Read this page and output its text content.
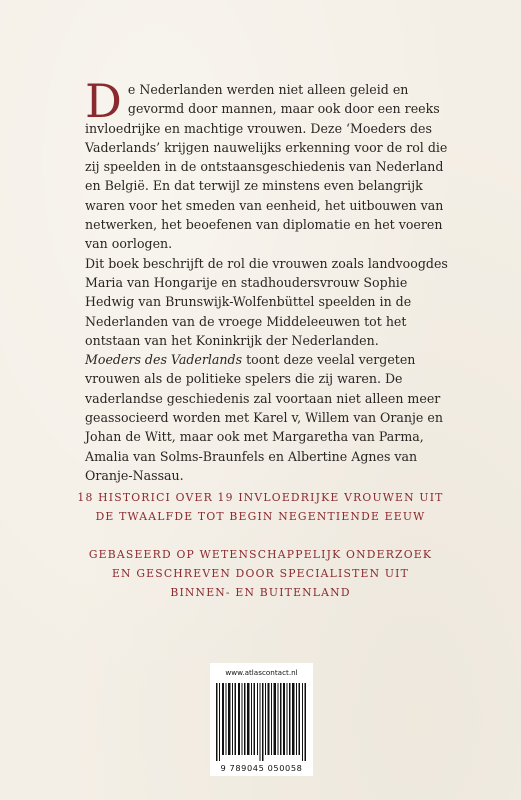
De Nederlanden werden niet alleen geleid en gevormd door mannen, maar ook door een reeks invloedrijke en machtige vrouwen. Deze ‘Moeders des Vaderlands’ krijgen nauwelijks erkenning voor de rol die zij speelden in de ontstaansgeschiedenis van Nederland en België. En dat terwijl ze minstens even belangrijk waren voor het smeden van eenheid, het uitbouwen van netwerken, het beoefenen van diplomatie en het voeren van oorlogen.

Dit boek beschrijft de rol die vrouwen zoals landvoogdes Maria van Hongarije en stadhoudersvrouw Sophie Hedwig van Brunswijk-Wolfenbüttel speelden in de Nederlanden van de vroege Middeleeuwen tot het ontstaan van het Koninkrijk der Nederlanden.

Moeders des Vaderlands toont deze veelal vergeten vrouwen als de politieke spelers die zij waren. De vaderlandse geschiedenis zal voortaan niet alleen meer geassocieerd worden met Karel v, Willem van Oranje en Johan de Witt, maar ook met Margaretha van Parma, Amalia van Solms-Braunfels en Albertine Agnes van Oranje-Nassau.

18 HISTORICI OVER 19 INVLOEDRIJKE VROUWEN UIT
DE TWAALFDE TOT BEGIN NEGENTIENDE EEUW
GEBASEERD OP WETENSCHAPPELIJK ONDERZOEK
EN GESCHREVEN DOOR SPECIALISTEN UIT
BINNEN- EN BUITENLAND
www.atlascontact.nl
9 789045 050058
